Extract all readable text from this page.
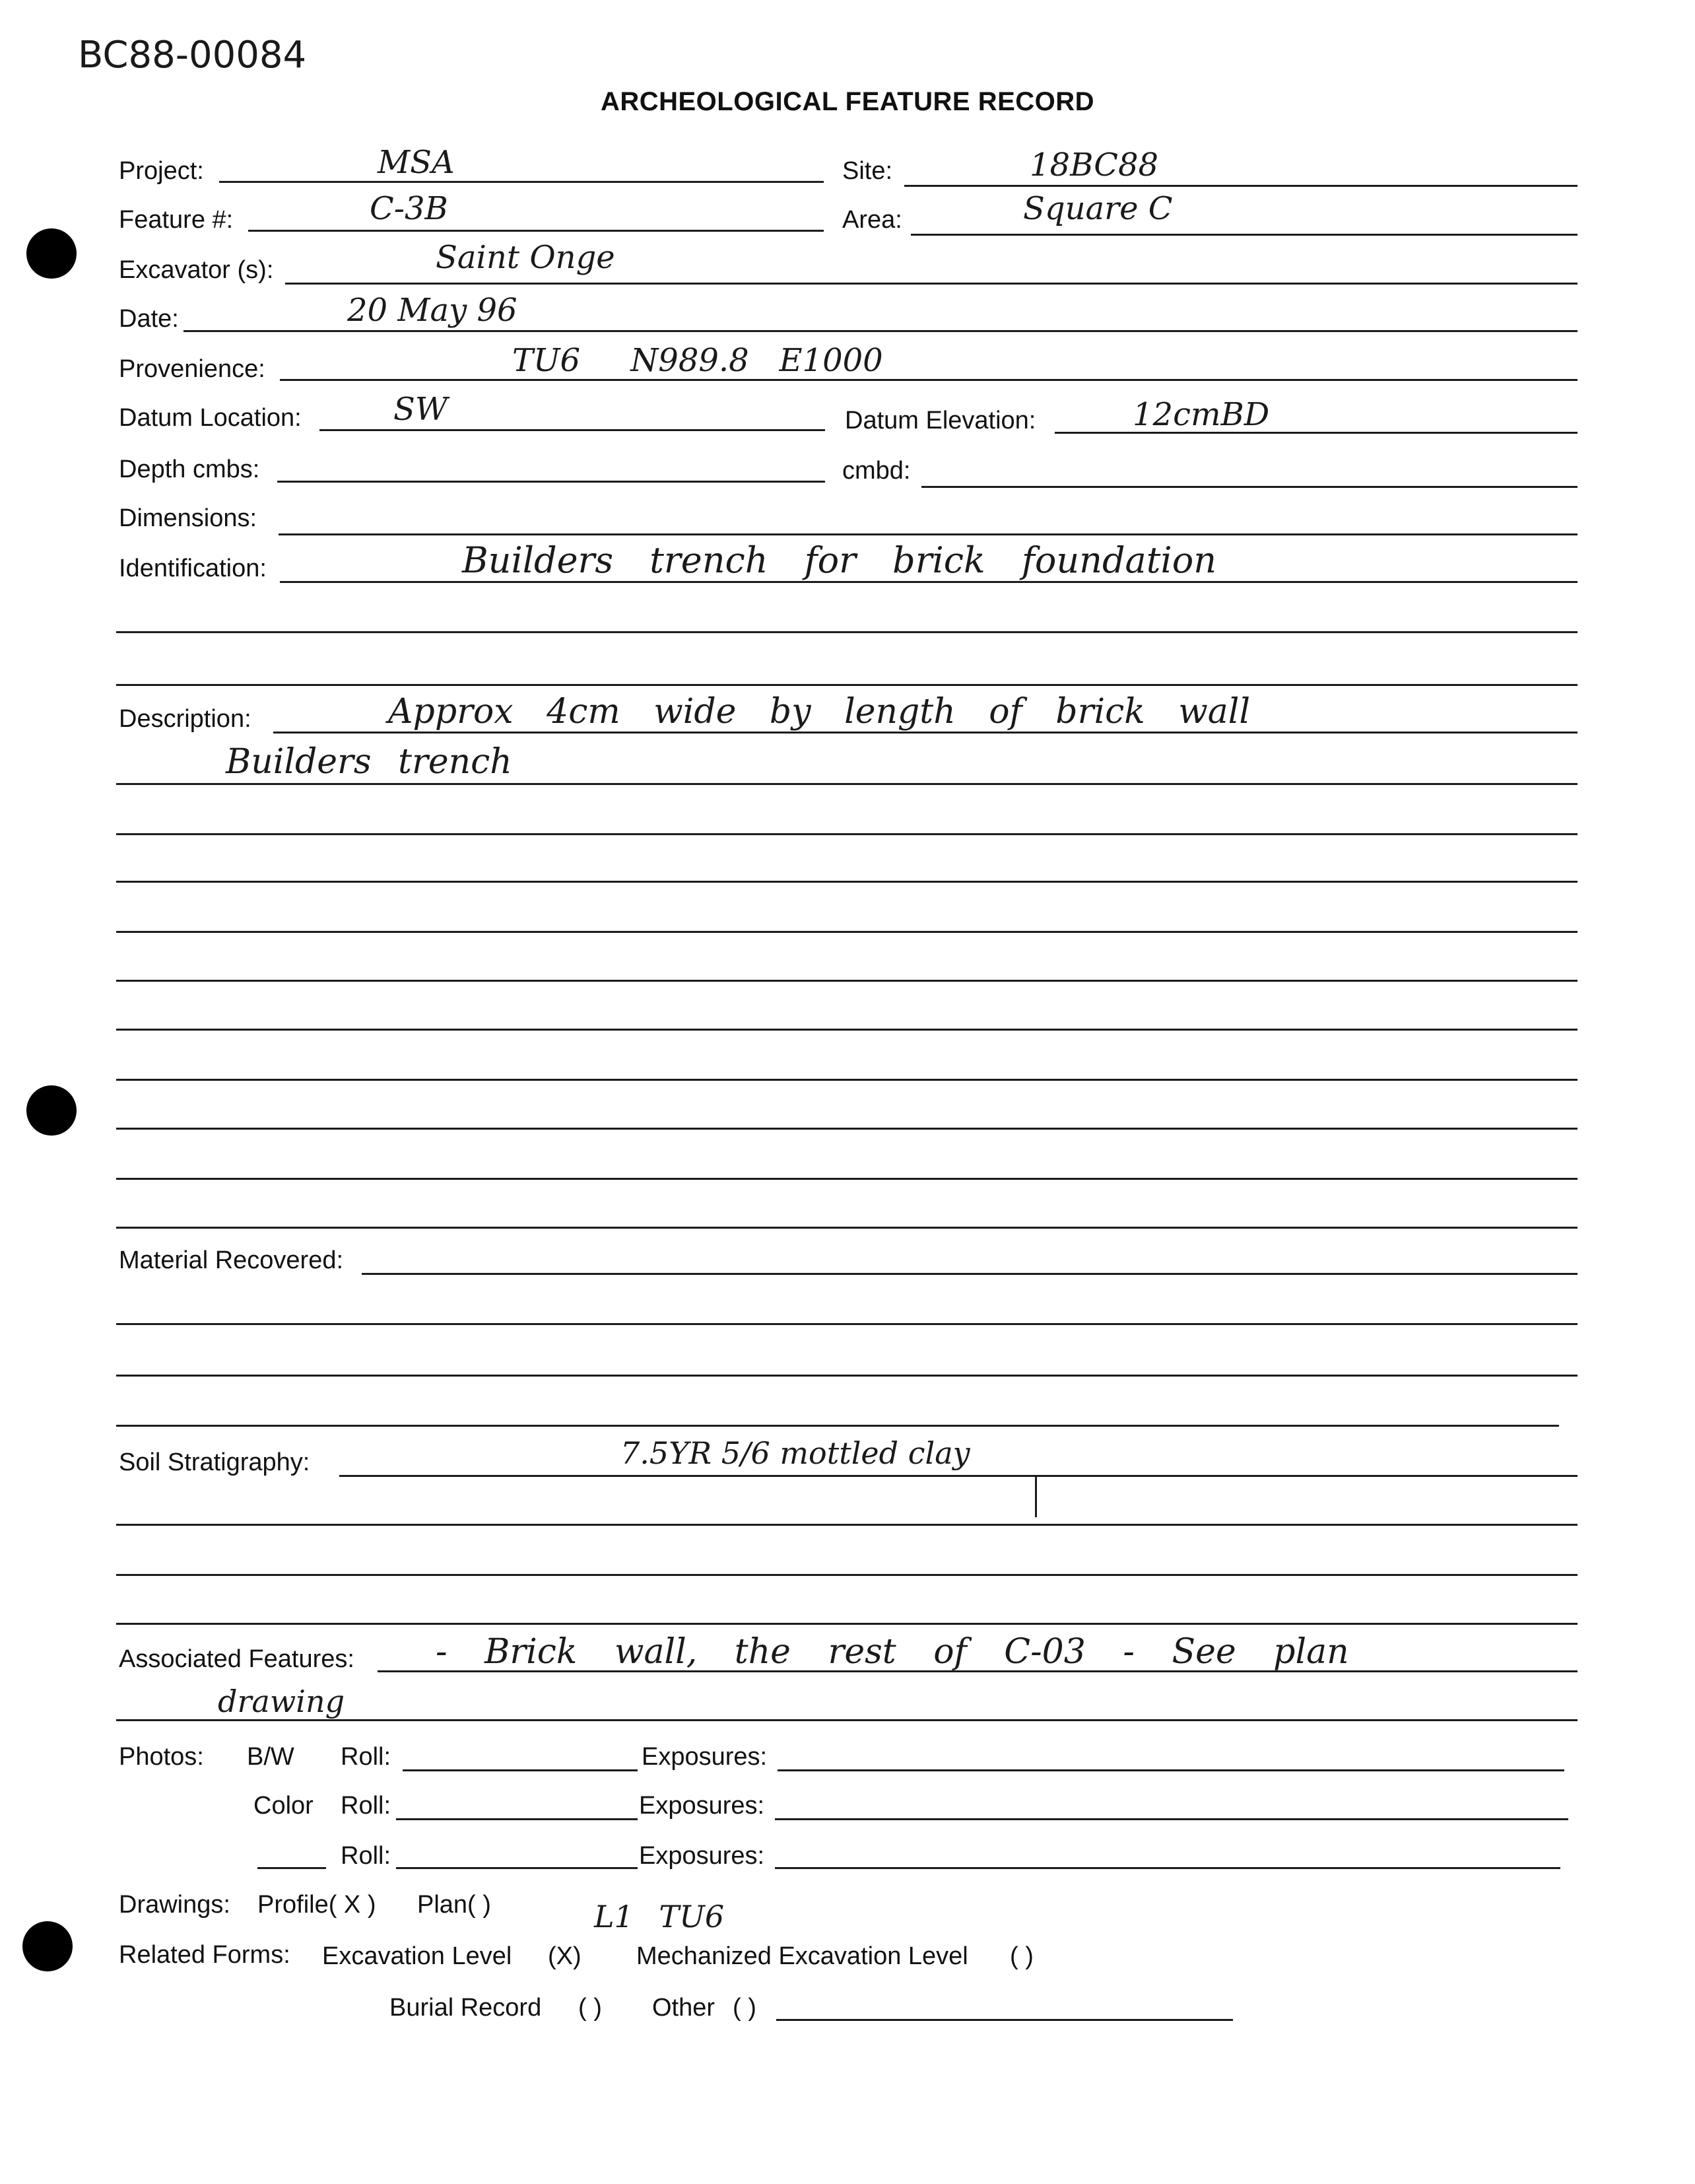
BC88-00084
ARCHEOLOGICAL FEATURE RECORD
Project:	MSA	Site:	18BC88
Feature #:	C-3B	Area:	Square C
Excavator (s):	Saint Onge
Date:	20 May 96
Provenience:	TU6     N989.8   E1000
Datum Location:	SW	Datum Elevation:	12cmBD
Depth cmbs:	cmbd:
Dimensions:
Identification:	Builders trench for brick foundation
Description:	Approx 4cm wide by length of brick wall
Builders trench
Material Recovered:
Soil Stratigraphy:	7.5YR 5/6 mottled clay
Associated Features: - Brick wall, the rest of C-03 - See plan
drawing
Photos: B/W Roll:	Exposures:
Color Roll:	Exposures:
Roll:	Exposures:
Drawings: Profile( X ) Plan( )	L1 TU6
Related Forms: Excavation Level (X) Mechanized Excavation Level ( )
Burial Record ( ) Other ( )
